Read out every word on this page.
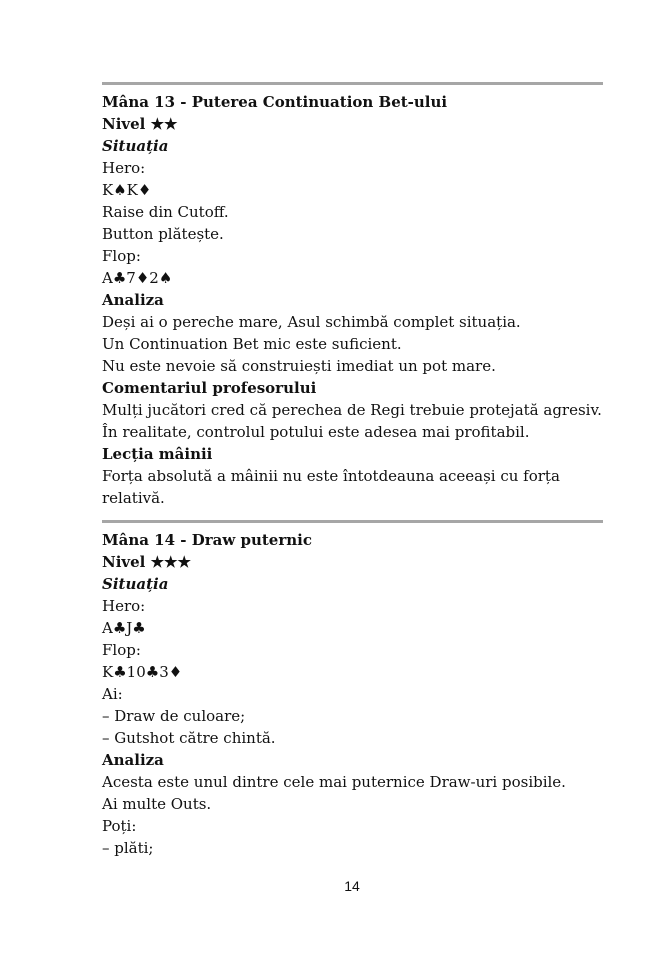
Mâna 13 - Puterea Continuation Bet-ului
Nivel ★★
Situația
Hero:
K♠K♦
Raise din Cutoff.
Button plătește.
Flop:
A♣7♦2♠
Analiza
Deși ai o pereche mare, Asul schimbă complet situația.
Un Continuation Bet mic este suficient.
Nu este nevoie să construiești imediat un pot mare.
Comentariul profesorului
Mulți jucători cred că perechea de Regi trebuie protejată agresiv.
În realitate, controlul potului este adesea mai profitabil.
Lecția mâinii
Forța absolută a mâinii nu este întotdeauna aceeași cu forța
relativă.
Mâna 14 - Draw puternic
Nivel ★★★
Situația
Hero:
A♣J♣
Flop:
K♣10♣3♦
Ai:
– Draw de culoare;
– Gutshot către chintă.
Analiza
Acesta este unul dintre cele mai puternice Draw-uri posibile.
Ai multe Outs.
Poți:
– plăti;
14
